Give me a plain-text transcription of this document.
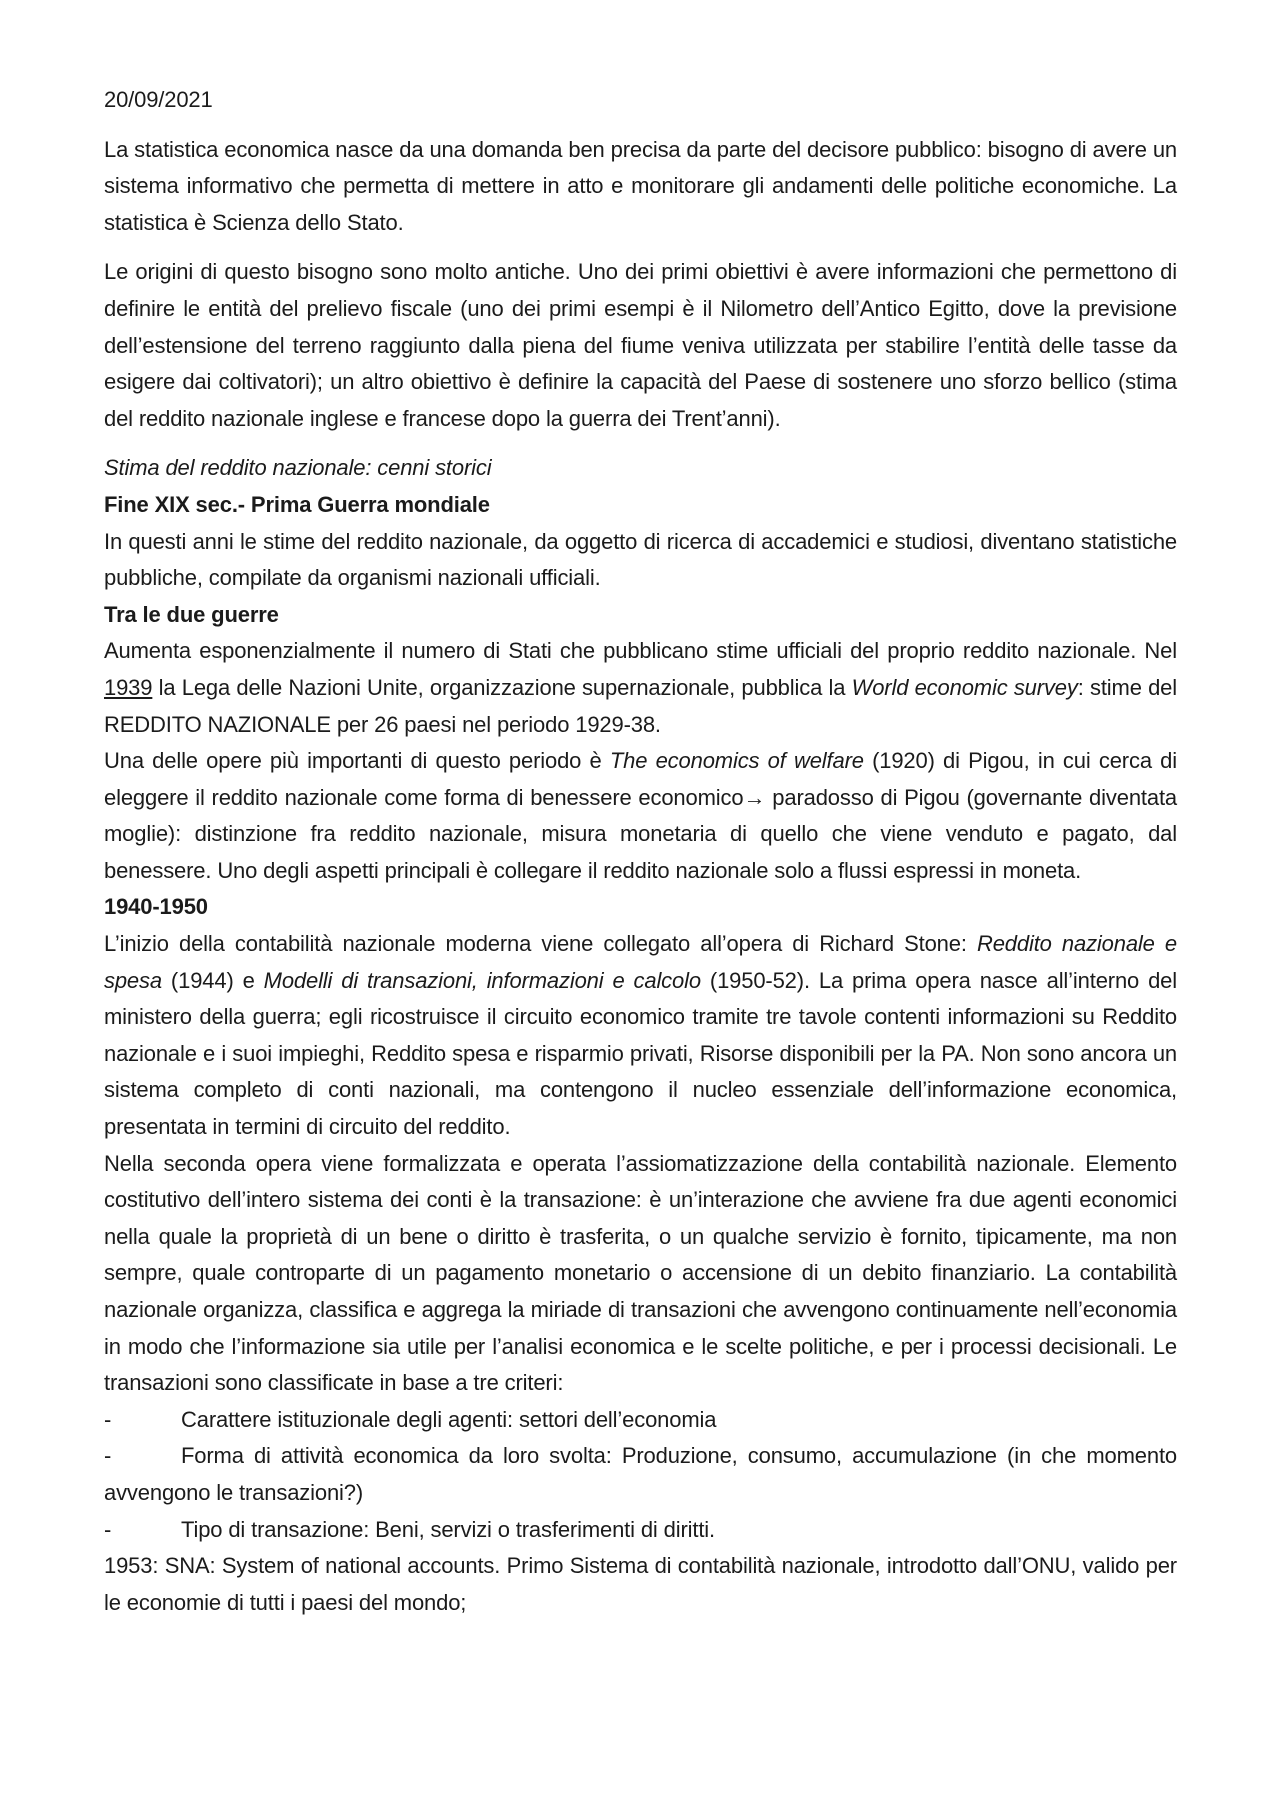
20/09/2021

La statistica economica nasce da una domanda ben precisa da parte del decisore pubblico: bisogno di avere un sistema informativo che permetta di mettere in atto e monitorare gli andamenti delle politiche economiche. La statistica è Scienza dello Stato.

Le origini di questo bisogno sono molto antiche. Uno dei primi obiettivi è avere informazioni che permettono di definire le entità del prelievo fiscale (uno dei primi esempi è il Nilometro dell’Antico Egitto, dove la previsione dell’estensione del terreno raggiunto dalla piena del fiume veniva utilizzata per stabilire l’entità delle tasse da esigere dai coltivatori); un altro obiettivo è definire la capacità del Paese di sostenere uno sforzo bellico (stima del reddito nazionale inglese e francese dopo la guerra dei Trent’anni).

Stima del reddito nazionale: cenni storici

Fine XIX sec.- Prima Guerra mondiale

In questi anni le stime del reddito nazionale, da oggetto di ricerca di accademici e studiosi, diventano statistiche pubbliche, compilate da organismi nazionali ufficiali.

Tra le due guerre

Aumenta esponenzialmente il numero di Stati che pubblicano stime ufficiali del proprio reddito nazionale. Nel 1939 la Lega delle Nazioni Unite, organizzazione supernazionale, pubblica la World economic survey: stime del REDDITO NAZIONALE per 26 paesi nel periodo 1929-38.

Una delle opere più importanti di questo periodo è The economics of welfare (1920) di Pigou, in cui cerca di eleggere il reddito nazionale come forma di benessere economico→ paradosso di Pigou (governante diventata moglie): distinzione fra reddito nazionale, misura monetaria di quello che viene venduto e pagato, dal benessere. Uno degli aspetti principali è collegare il reddito nazionale solo a flussi espressi in moneta.

1940-1950

L’inizio della contabilità nazionale moderna viene collegato all’opera di Richard Stone: Reddito nazionale e spesa (1944) e Modelli di transazioni, informazioni e calcolo (1950-52). La prima opera nasce all’interno del ministero della guerra; egli ricostruisce il circuito economico tramite tre tavole contenti informazioni su Reddito nazionale e i suoi impieghi, Reddito spesa e risparmio privati, Risorse disponibili per la PA. Non sono ancora un sistema completo di conti nazionali, ma contengono il nucleo essenziale dell’informazione economica, presentata in termini di circuito del reddito.

Nella seconda opera viene formalizzata e operata l’assiomatizzazione della contabilità nazionale. Elemento costitutivo dell’intero sistema dei conti è la transazione: è un’interazione che avviene fra due agenti economici nella quale la proprietà di un bene o diritto è trasferita, o un qualche servizio è fornito, tipicamente, ma non sempre, quale controparte di un pagamento monetario o accensione di un debito finanziario. La contabilità nazionale organizza, classifica e aggrega la miriade di transazioni che avvengono continuamente nell’economia in modo che l’informazione sia utile per l’analisi economica e le scelte politiche, e per i processi decisionali. Le transazioni sono classificate in base a tre criteri:

-	Carattere istituzionale degli agenti: settori dell’economia

-	Forma di attività economica da loro svolta: Produzione, consumo, accumulazione (in che momento avvengono le transazioni?)

-	Tipo di transazione: Beni, servizi o trasferimenti di diritti.

1953: SNA: System of national accounts. Primo Sistema di contabilità nazionale, introdotto dall’ONU, valido per le economie di tutti i paesi del mondo;
